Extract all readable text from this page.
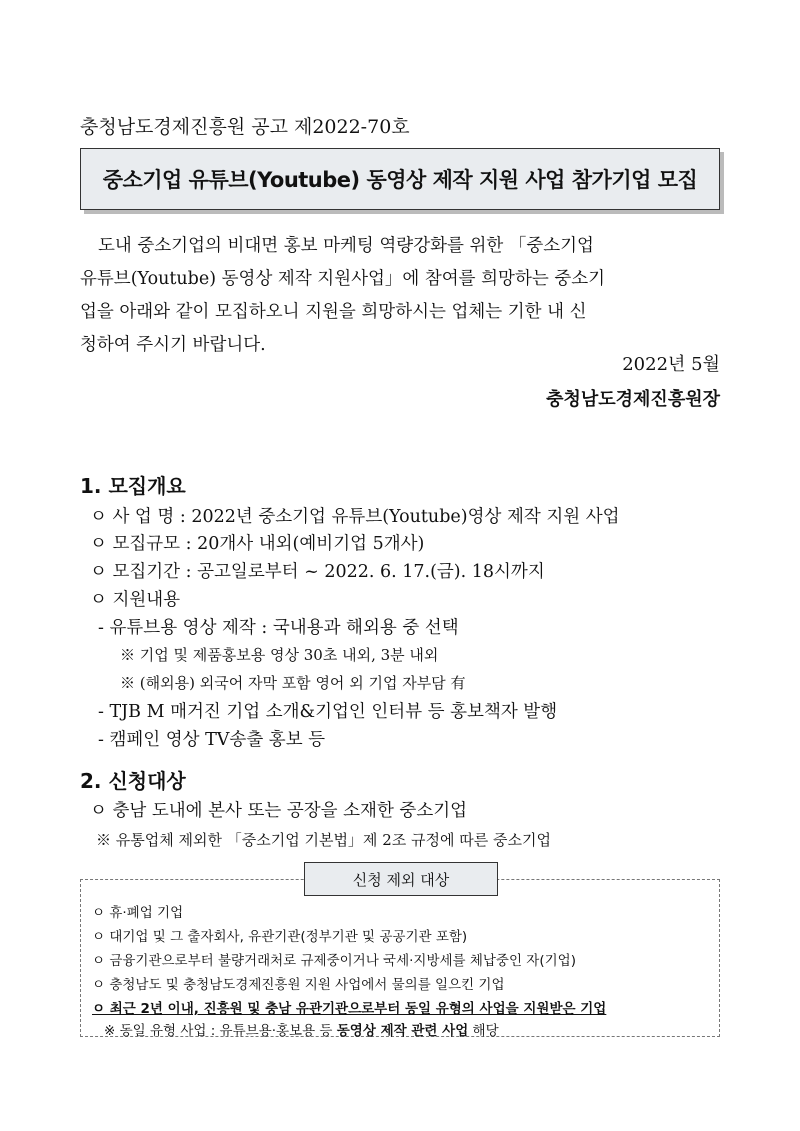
충청남도경제진흥원 공고 제2022-70호
중소기업 유튜브(Youtube) 동영상 제작 지원 사업 참가기업 모집

도내 중소기업의 비대면 홍보 마케팅 역량강화를 위한 「중소기업

유튜브(Youtube) 동영상 제작 지원사업」에 참여를 희망하는 중소기

업을 아래와 같이 모집하오니 지원을 희망하시는 업체는 기한 내 신

청하여 주시기 바랍니다.

2022년 5월
충청남도경제진흥원장
1. 모집개요
ㅇ 사 업 명 : 2022년 중소기업 유튜브(Youtube)영상 제작 지원 사업
ㅇ 모집규모 : 20개사 내외(예비기업 5개사)
ㅇ 모집기간 : 공고일로부터 ~ 2022. 6. 17.(금). 18시까지
ㅇ 지원내용
- 유튜브용 영상 제작 : 국내용과 해외용 중 선택
※ 기업 및 제품홍보용 영상 30초 내외, 3분 내외
※ (해외용) 외국어 자막 포함 영어 외 기업 자부담 有
- TJB M 매거진 기업 소개&기업인 인터뷰 등 홍보책자 발행
- 캠페인 영상 TV송출 홍보 등
2. 신청대상
ㅇ 충남 도내에 본사 또는 공장을 소재한 중소기업
※ 유통업체 제외한 「중소기업 기본법」제 2조 규정에 따른 중소기업
신청 제외 대상
ㅇ 휴·폐업 기업
ㅇ 대기업 및 그 출자회사, 유관기관(정부기관 및 공공기관 포함)
ㅇ 금융기관으로부터 불량거래처로 규제중이거나 국세·지방세를 체납중인 자(기업)
ㅇ 충청남도 및 충청남도경제진흥원 지원 사업에서 물의를 일으킨 기업
ㅇ 최근 2년 이내, 진흥원 및 충남 유관기관으로부터 동일 유형의 사업을 지원받은 기업
※ 동일 유형 사업 : 유튜브용·홍보용 등 동영상 제작 관련 사업 해당
